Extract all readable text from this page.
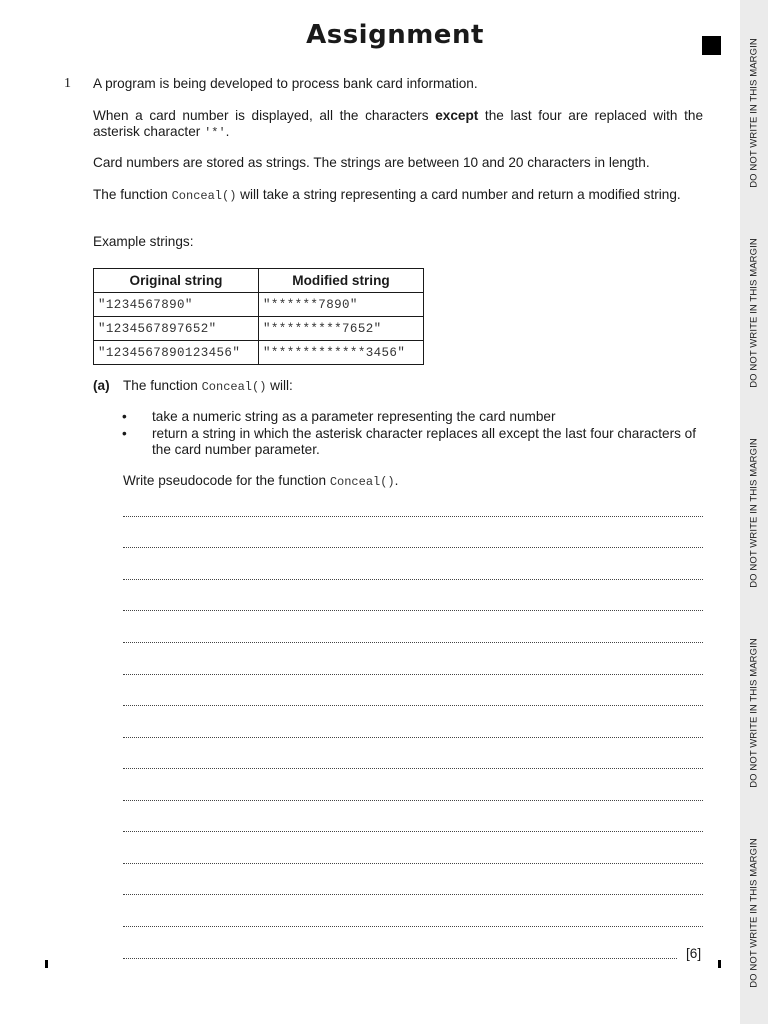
Assignment
1 A program is being developed to process bank card information.
When a card number is displayed, all the characters except the last four are replaced with the asterisk character '*'.
Card numbers are stored as strings. The strings are between 10 and 20 characters in length.
The function Conceal() will take a string representing a card number and return a modified string.
Example strings:
Original string	Modified string
"1234567890"	"******7890"
"1234567897652"	"*********7652"
"1234567890123456"	"************3456"
(a) The function Conceal() will:
• take a numeric string as a parameter representing the card number
• return a string in which the asterisk character replaces all except the last four characters of the card number parameter.
Write pseudocode for the function Conceal().
[6]
DO NOT WRITE IN THIS MARGIN
DO NOT WRITE IN THIS MARGIN
DO NOT WRITE IN THIS MARGIN
DO NOT WRITE IN THIS MARGIN
DO NOT WRITE IN THIS MARGIN
